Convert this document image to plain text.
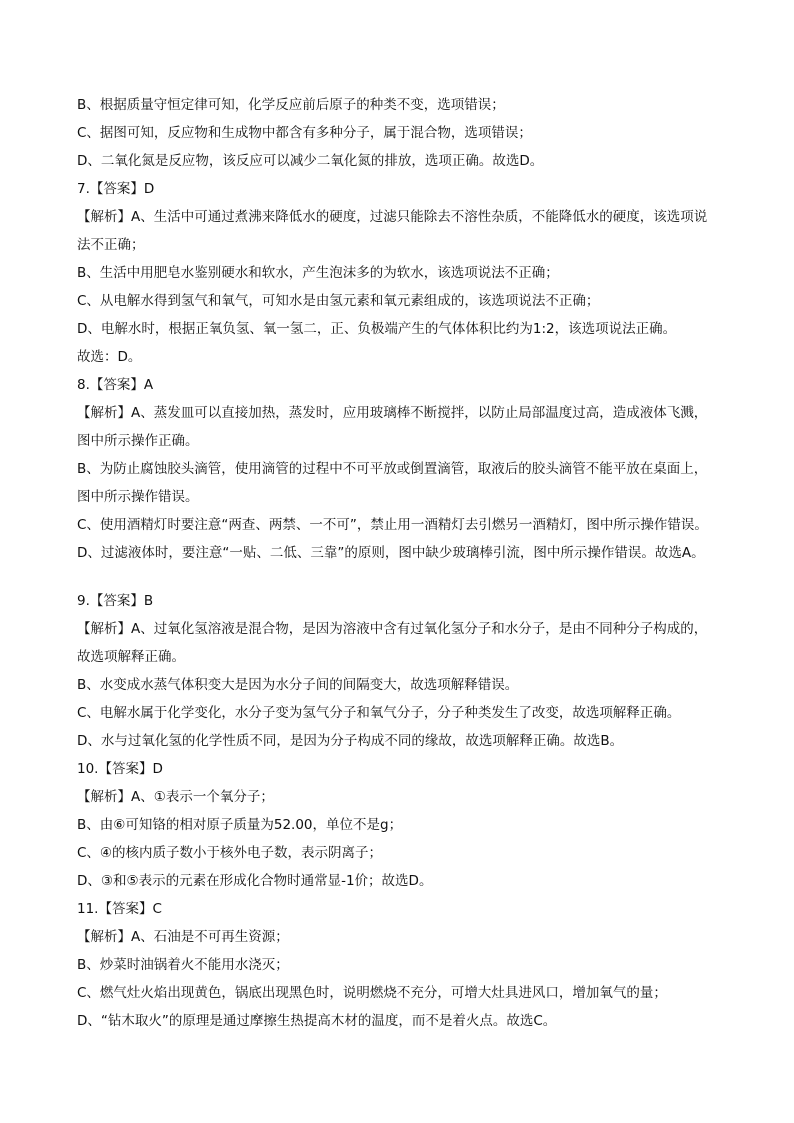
B、根据质量守恒定律可知，化学反应前后原子的种类不变，选项错误；
C、据图可知，反应物和生成物中都含有多种分子，属于混合物，选项错误；
D、二氧化氮是反应物，该反应可以减少二氧化氮的排放，选项正确。故选D。
7.【答案】D
【解析】A、生活中可通过煮沸来降低水的硬度，过滤只能除去不溶性杂质，不能降低水的硬度，该选项说
法不正确；
B、生活中用肥皂水鉴别硬水和软水，产生泡沫多的为软水，该选项说法不正确；
C、从电解水得到氢气和氧气，可知水是由氢元素和氧元素组成的，该选项说法不正确；
D、电解水时，根据正氧负氢、氧一氢二，正、负极端产生的气体体积比约为1:2，该选项说法正确。
故选：D。
8.【答案】A
【解析】A、蒸发皿可以直接加热，蒸发时，应用玻璃棒不断搅拌，以防止局部温度过高，造成液体飞溅，
图中所示操作正确。
B、为防止腐蚀胶头滴管，使用滴管的过程中不可平放或倒置滴管，取液后的胶头滴管不能平放在桌面上，
图中所示操作错误。
C、使用酒精灯时要注意“两查、两禁、一不可”，禁止用一酒精灯去引燃另一酒精灯，图中所示操作错误。
D、过滤液体时，要注意“一贴、二低、三靠”的原则，图中缺少玻璃棒引流，图中所示操作错误。故选A。
9.【答案】B
【解析】A、过氧化氢溶液是混合物，是因为溶液中含有过氧化氢分子和水分子，是由不同种分子构成的，
故选项解释正确。
B、水变成水蒸气体积变大是因为水分子间的间隔变大，故选项解释错误。
C、电解水属于化学变化，水分子变为氢气分子和氧气分子，分子种类发生了改变，故选项解释正确。
D、水与过氧化氢的化学性质不同，是因为分子构成不同的缘故，故选项解释正确。故选B。
10.【答案】D
【解析】A、①表示一个氧分子；
B、由⑥可知铬的相对原子质量为52.00，单位不是g；
C、④的核内质子数小于核外电子数，表示阴离子；
D、③和⑤表示的元素在形成化合物时通常显-1价；故选D。
11.【答案】C
【解析】A、石油是不可再生资源；
B、炒菜时油锅着火不能用水浇灭；
C、燃气灶火焰出现黄色，锅底出现黑色时，说明燃烧不充分，可增大灶具进风口，增加氧气的量；
D、“钻木取火”的原理是通过摩擦生热提高木材的温度，而不是着火点。故选C。
